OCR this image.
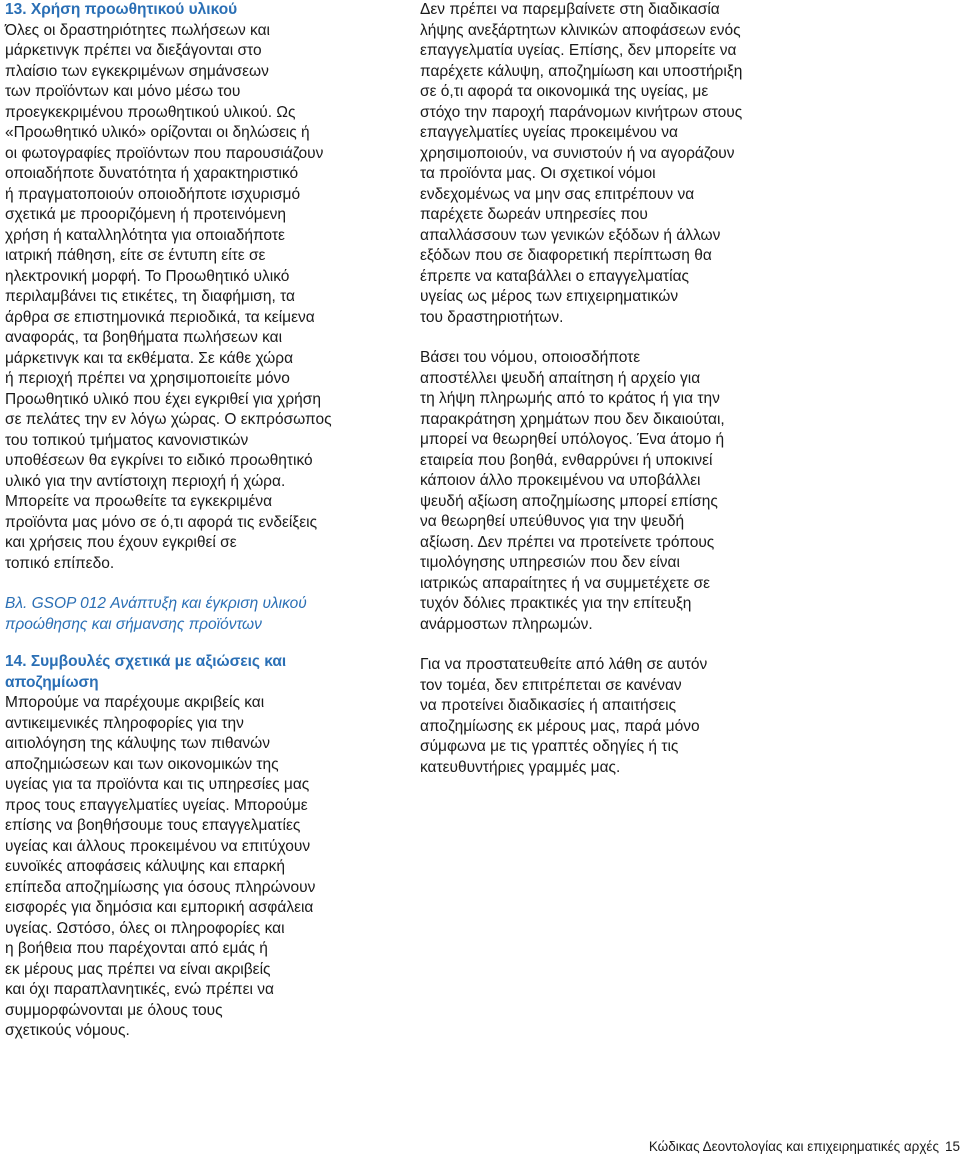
13. Χρήση προωθητικού υλικού

Όλες οι δραστηριότητες πωλήσεων και
μάρκετινγκ πρέπει να διεξάγονται στο
πλαίσιο των εγκεκριμένων σημάνσεων
των προϊόντων και μόνο μέσω του
προεγκεκριμένου προωθητικού υλικού. Ως
«Προωθητικό υλικό» ορίζονται οι δηλώσεις ή
οι φωτογραφίες προϊόντων που παρουσιάζουν
οποιαδήποτε δυνατότητα ή χαρακτηριστικό
ή πραγματοποιούν οποιοδήποτε ισχυρισμό
σχετικά με προοριζόμενη ή προτεινόμενη
χρήση ή καταλληλότητα για οποιαδήποτε
ιατρική πάθηση, είτε σε έντυπη είτε σε
ηλεκτρονική μορφή. Το Προωθητικό υλικό
περιλαμβάνει τις ετικέτες, τη διαφήμιση, τα
άρθρα σε επιστημονικά περιοδικά, τα κείμενα
αναφοράς, τα βοηθήματα πωλήσεων και
μάρκετινγκ και τα εκθέματα. Σε κάθε χώρα
ή περιοχή πρέπει να χρησιμοποιείτε μόνο
Προωθητικό υλικό που έχει εγκριθεί για χρήση
σε πελάτες την εν λόγω χώρας. Ο εκπρόσωπος
του τοπικού τμήματος κανονιστικών
υποθέσεων θα εγκρίνει το ειδικό προωθητικό
υλικό για την αντίστοιχη περιοχή ή χώρα.
Μπορείτε να προωθείτε τα εγκεκριμένα
προϊόντα μας μόνο σε ό,τι αφορά τις ενδείξεις
και χρήσεις που έχουν εγκριθεί σε
τοπικό επίπεδο.

Βλ. GSOP 012 Ανάπτυξη και έγκριση υλικού
προώθησης και σήμανσης προϊόντων

14. Συμβουλές σχετικά με αξιώσεις και
αποζημίωση

Μπορούμε να παρέχουμε ακριβείς και
αντικειμενικές πληροφορίες για την
αιτιολόγηση της κάλυψης των πιθανών
αποζημιώσεων και των οικονομικών της
υγείας για τα προϊόντα και τις υπηρεσίες μας
προς τους επαγγελματίες υγείας. Μπορούμε
επίσης να βοηθήσουμε τους επαγγελματίες
υγείας και άλλους προκειμένου να επιτύχουν
ευνοϊκές αποφάσεις κάλυψης και επαρκή
επίπεδα αποζημίωσης για όσους πληρώνουν
εισφορές για δημόσια και εμπορική ασφάλεια
υγείας. Ωστόσο, όλες οι πληροφορίες και
η βοήθεια που παρέχονται από εμάς ή
εκ μέρους μας πρέπει να είναι ακριβείς
και όχι παραπλανητικές, ενώ πρέπει να
συμμορφώνονται με όλους τους
σχετικούς νόμους.

Δεν πρέπει να παρεμβαίνετε στη διαδικασία
λήψης ανεξάρτητων κλινικών αποφάσεων ενός
επαγγελματία υγείας. Επίσης, δεν μπορείτε να
παρέχετε κάλυψη, αποζημίωση και υποστήριξη
σε ό,τι αφορά τα οικονομικά της υγείας, με
στόχο την παροχή παράνομων κινήτρων στους
επαγγελματίες υγείας προκειμένου να
χρησιμοποιούν, να συνιστούν ή να αγοράζουν
τα προϊόντα μας. Οι σχετικοί νόμοι
ενδεχομένως να μην σας επιτρέπουν να
παρέχετε δωρεάν υπηρεσίες που
απαλλάσσουν των γενικών εξόδων ή άλλων
εξόδων που σε διαφορετική περίπτωση θα
έπρεπε να καταβάλλει ο επαγγελματίας
υγείας ως μέρος των επιχειρηματικών
του δραστηριοτήτων.

Βάσει του νόμου, οποιοσδήποτε
αποστέλλει ψευδή απαίτηση ή αρχείο για
τη λήψη πληρωμής από το κράτος ή για την
παρακράτηση χρημάτων που δεν δικαιούται,
μπορεί να θεωρηθεί υπόλογος. Ένα άτομο ή
εταιρεία που βοηθά, ενθαρρύνει ή υποκινεί
κάποιον άλλο προκειμένου να υποβάλλει
ψευδή αξίωση αποζημίωσης μπορεί επίσης
να θεωρηθεί υπεύθυνος για την ψευδή
αξίωση. Δεν πρέπει να προτείνετε τρόπους
τιμολόγησης υπηρεσιών που δεν είναι
ιατρικώς απαραίτητες ή να συμμετέχετε σε
τυχόν δόλιες πρακτικές για την επίτευξη
ανάρμοστων πληρωμών.

Για να προστατευθείτε από λάθη σε αυτόν
τον τομέα, δεν επιτρέπεται σε κανέναν
να προτείνει διαδικασίες ή απαιτήσεις
αποζημίωσης εκ μέρους μας, παρά μόνο
σύμφωνα με τις γραπτές οδηγίες ή τις
κατευθυντήριες γραμμές μας.

Κώδικας Δεοντολογίας και επιχειρηματικές αρχές 15
